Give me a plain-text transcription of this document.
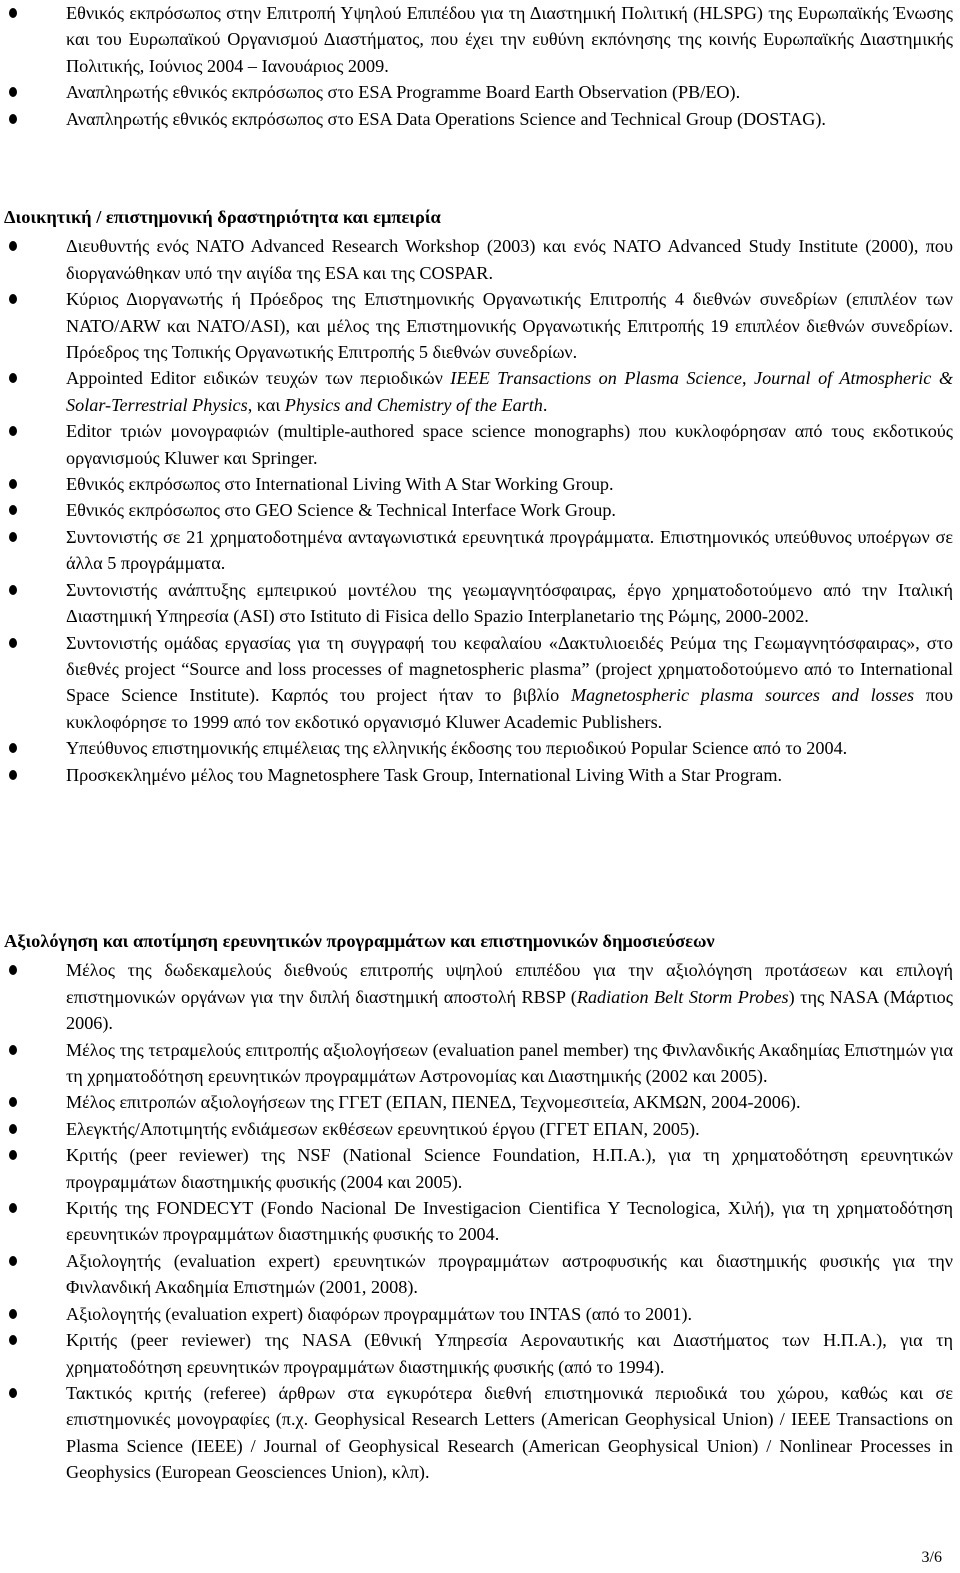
Εθνικός εκπρόσωπος στην Επιτροπή Υψηλού Επιπέδου για τη Διαστημική Πολιτική (HLSPG) της Ευρωπαϊκής Ένωσης και του Ευρωπαϊκού Οργανισμού Διαστήματος, που έχει την ευθύνη εκπόνησης της κοινής Ευρωπαϊκής Διαστημικής Πολιτικής, Ιούνιος 2004 – Ιανουάριος 2009.
Αναπληρωτής εθνικός εκπρόσωπος στο ESA Programme Board Earth Observation (PB/EO).
Αναπληρωτής εθνικός εκπρόσωπος στο ESA Data Operations Science and Technical Group (DOSTAG).
Διοικητική / επιστημονική δραστηριότητα και εμπειρία
Διευθυντής ενός NATO Advanced Research Workshop (2003) και ενός NATO Advanced Study Institute (2000), που διοργανώθηκαν υπό την αιγίδα της ESA και της COSPAR.
Κύριος Διοργανωτής ή Πρόεδρος της Επιστημονικής Οργανωτικής Επιτροπής 4 διεθνών συνεδρίων (επιπλέον των NATO/ARW και NATO/ASI), και μέλος της Επιστημονικής Οργανωτικής Επιτροπής 19 επιπλέον διεθνών συνεδρίων. Πρόεδρος της Τοπικής Οργανωτικής Επιτροπής 5 διεθνών συνεδρίων.
Appointed Editor ειδικών τευχών των περιοδικών IEEE Transactions on Plasma Science, Journal of Atmospheric & Solar-Terrestrial Physics, και Physics and Chemistry of the Earth.
Editor τριών μονογραφιών (multiple-authored space science monographs) που κυκλοφόρησαν από τους εκδοτικούς οργανισμούς Kluwer και Springer.
Εθνικός εκπρόσωπος στο International Living With A Star Working Group.
Εθνικός εκπρόσωπος στο GEO Science & Technical Interface Work Group.
Συντονιστής σε 21 χρηματοδοτημένα ανταγωνιστικά ερευνητικά προγράμματα. Επιστημονικός υπεύθυνος υποέργων σε άλλα 5 προγράμματα.
Συντονιστής ανάπτυξης εμπειρικού μοντέλου της γεωμαγνητόσφαιρας, έργο χρηματοδοτούμενο από την Ιταλική Διαστημική Υπηρεσία (ASI) στο Istituto di Fisica dello Spazio Interplanetario της Ρώμης, 2000-2002.
Συντονιστής ομάδας εργασίας για τη συγγραφή του κεφαλαίου «Δακτυλιοειδές Ρεύμα της Γεωμαγνητόσφαιρας», στο διεθνές project “Source and loss processes of magnetospheric plasma” (project χρηματοδοτούμενο από το International Space Science Institute). Καρπός του project ήταν το βιβλίο Magnetospheric plasma sources and losses που κυκλοφόρησε το 1999 από τον εκδοτικό οργανισμό Kluwer Academic Publishers.
Υπεύθυνος επιστημονικής επιμέλειας της ελληνικής έκδοσης του περιοδικού Popular Science από το 2004.
Προσκεκλημένο μέλος του Magnetosphere Task Group, International Living With a Star Program.
Αξιολόγηση και αποτίμηση ερευνητικών προγραμμάτων και επιστημονικών δημοσιεύσεων
Μέλος της δωδεκαμελούς διεθνούς επιτροπής υψηλού επιπέδου για την αξιολόγηση προτάσεων και επιλογή επιστημονικών οργάνων για την διπλή διαστημική αποστολή RBSP (Radiation Belt Storm Probes) της NASA (Μάρτιος 2006).
Μέλος της τετραμελούς επιτροπής αξιολογήσεων (evaluation panel member) της Φινλανδικής Ακαδημίας Επιστημών για τη χρηματοδότηση ερευνητικών προγραμμάτων Αστρονομίας και Διαστημικής (2002 και 2005).
Μέλος επιτροπών αξιολογήσεων της ΓΓΕΤ (ΕΠΑΝ, ΠΕΝΕΔ, Τεχνομεσιτεία, ΑΚΜΩΝ, 2004-2006).
Ελεγκτής/Αποτιμητής ενδιάμεσων εκθέσεων ερευνητικού έργου (ΓΓΕΤ ΕΠΑΝ, 2005).
Κριτής (peer reviewer) της NSF (National Science Foundation, Η.Π.Α.), για τη χρηματοδότηση ερευνητικών προγραμμάτων διαστημικής φυσικής (2004 και 2005).
Κριτής της FONDECYT (Fondo Nacional De Investigacion Cientifica Y Tecnologica, Χιλή), για τη χρηματοδότηση ερευνητικών προγραμμάτων διαστημικής φυσικής το 2004.
Αξιολογητής (evaluation expert) ερευνητικών προγραμμάτων αστροφυσικής και διαστημικής φυσικής για την Φινλανδική Ακαδημία Επιστημών (2001, 2008).
Αξιολογητής (evaluation expert) διαφόρων προγραμμάτων του INTAS (από το 2001).
Κριτής (peer reviewer) της NASA (Εθνική Υπηρεσία Αεροναυτικής και Διαστήματος των Η.Π.Α.), για τη χρηματοδότηση ερευνητικών προγραμμάτων διαστημικής φυσικής (από το 1994).
Τακτικός κριτής (referee) άρθρων στα εγκυρότερα διεθνή επιστημονικά περιοδικά του χώρου, καθώς και σε επιστημονικές μονογραφίες (π.χ. Geophysical Research Letters (American Geophysical Union) / IEEE Transactions on Plasma Science (IEEE) / Journal of Geophysical Research (American Geophysical Union) / Nonlinear Processes in Geophysics (European Geosciences Union), κλπ).
3/6
